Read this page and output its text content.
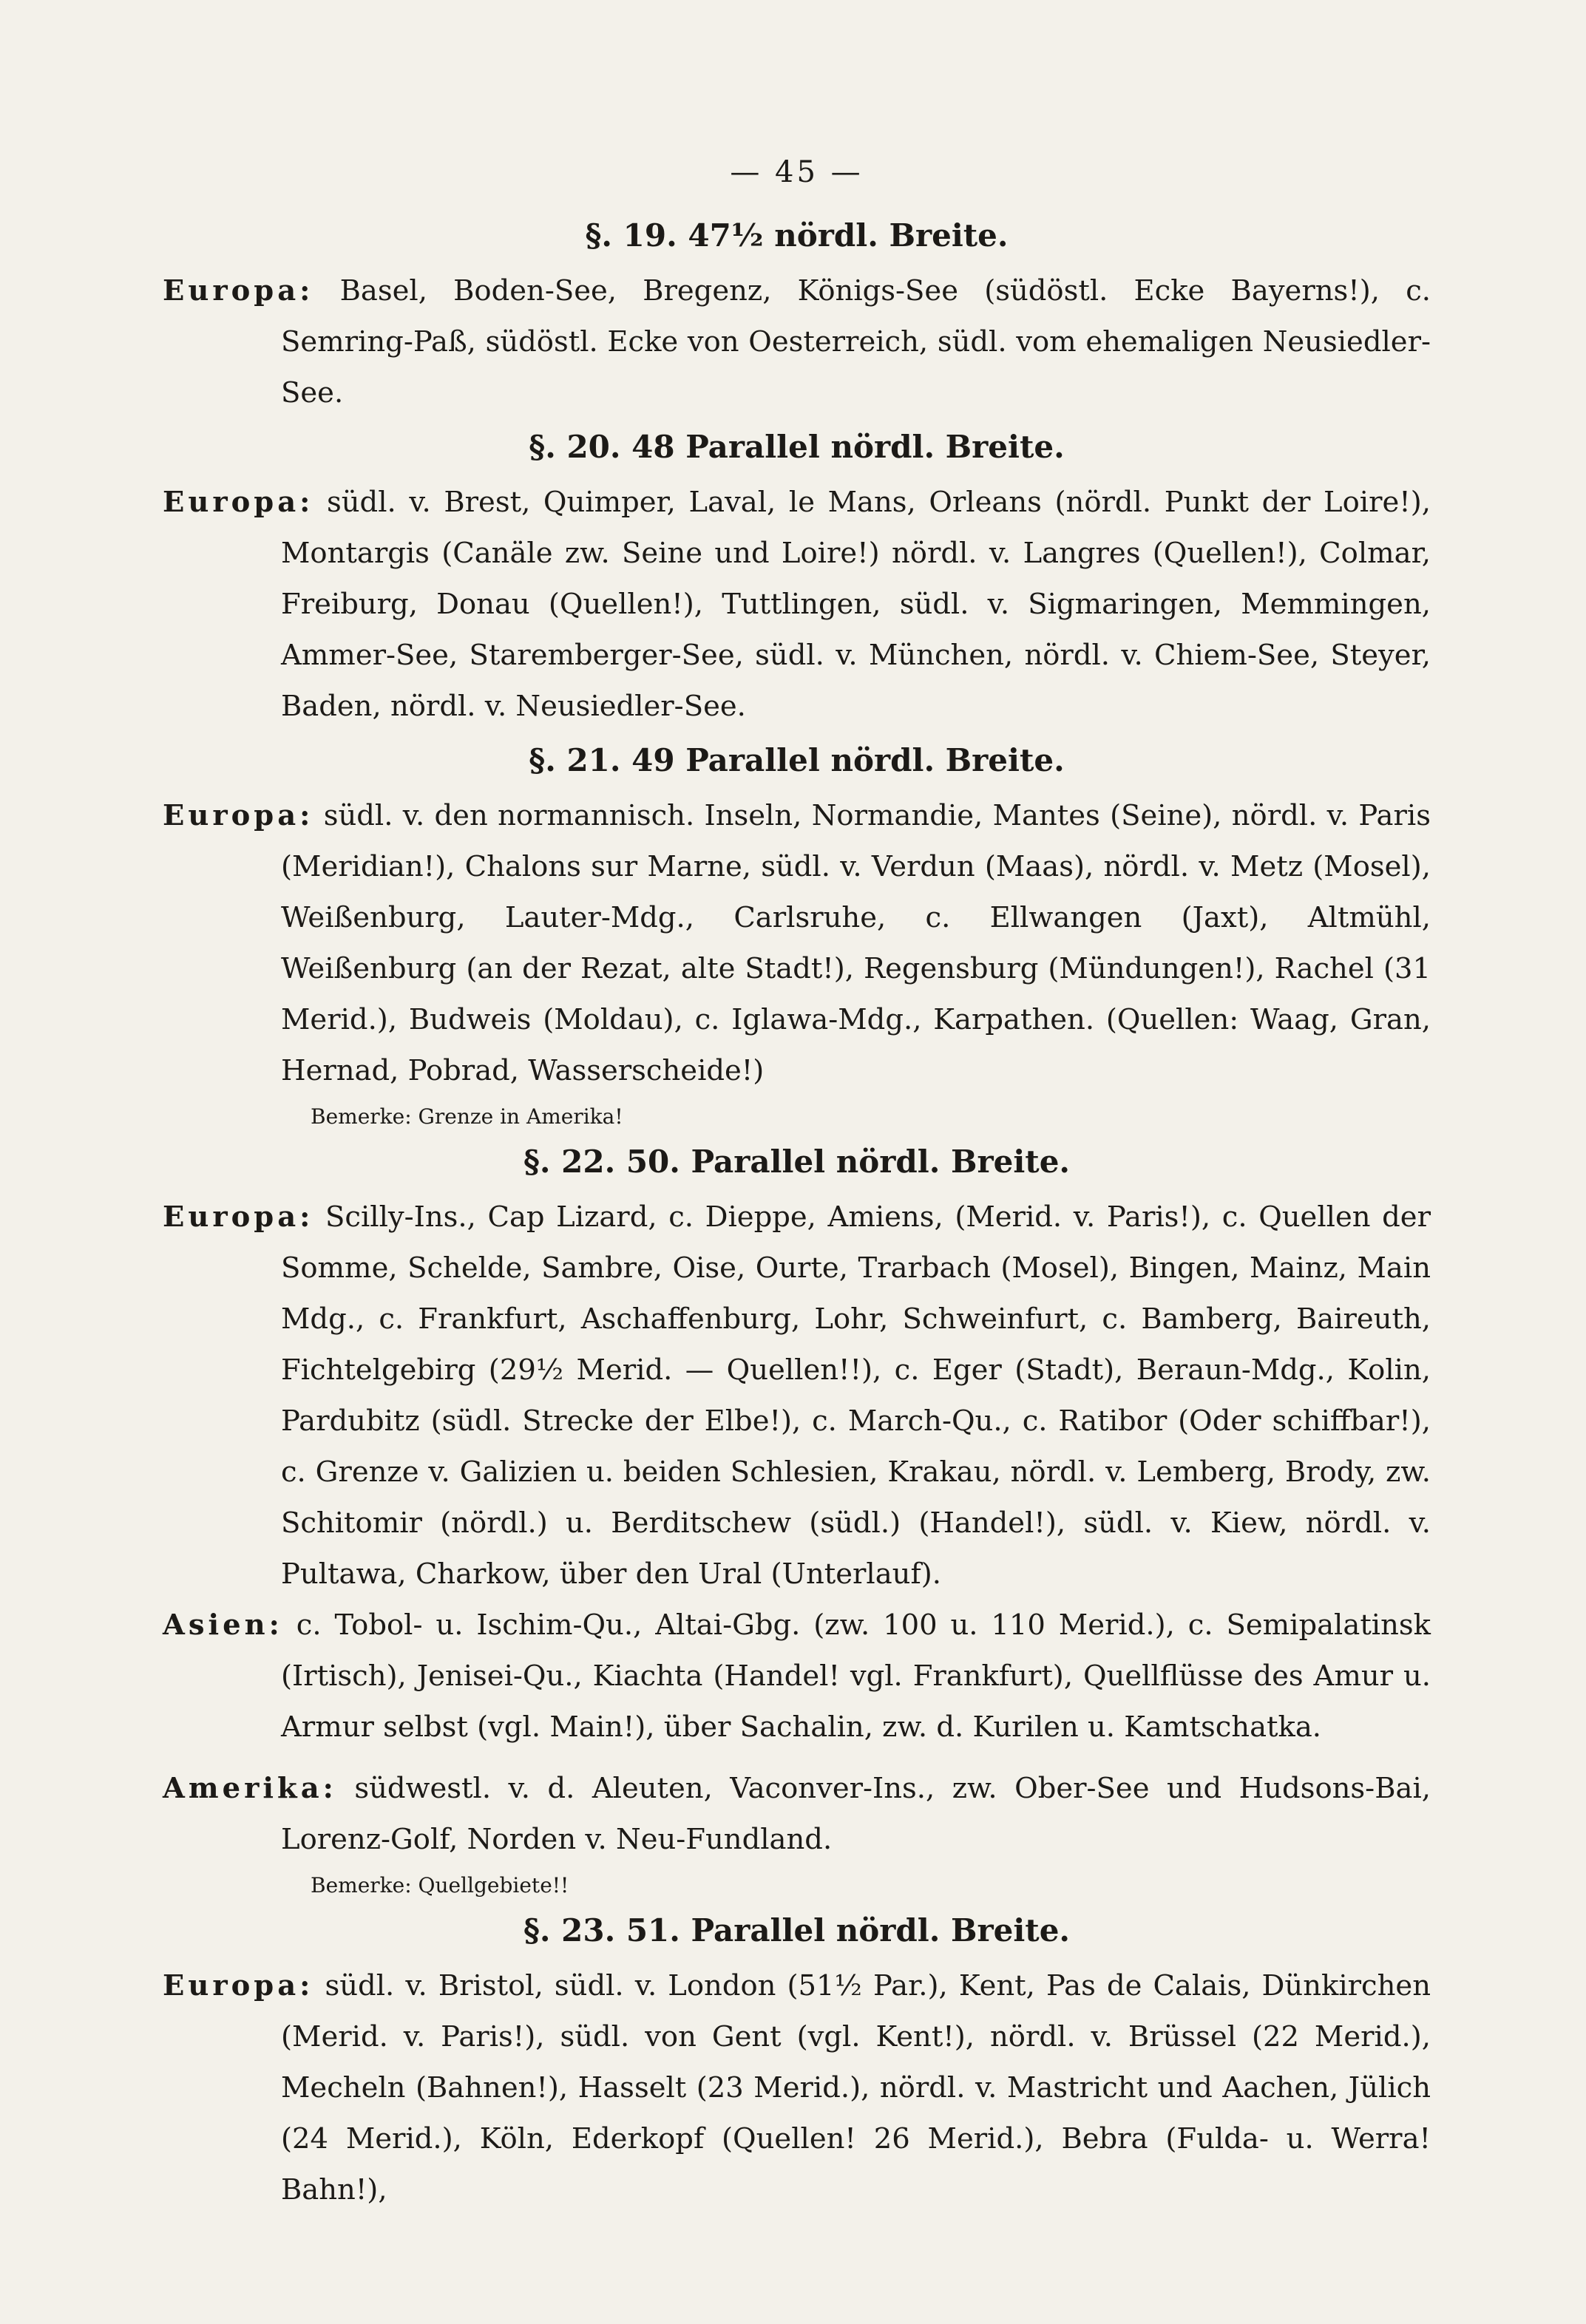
— 45 —
§. 19. 47½ nördl. Breite.

Europa: Basel, Boden-See, Bregenz, Königs-See (südöstl. Ecke Bayerns!), c. Semring-Paß, südöstl. Ecke von Oesterreich, südl. vom ehemaligen Neusiedler-See.

§. 20. 48 Parallel nördl. Breite.

Europa: südl. v. Brest, Quimper, Laval, le Mans, Orleans (nördl. Punkt der Loire!), Montargis (Canäle zw. Seine und Loire!) nördl. v. Langres (Quellen!), Colmar, Freiburg, Donau (Quellen!), Tuttlingen, südl. v. Sigmaringen, Memmingen, Ammer-See, Staremberger-See, südl. v. München, nördl. v. Chiem-See, Steyer, Baden, nördl. v. Neusiedler-See.

§. 21. 49 Parallel nördl. Breite.

Europa: südl. v. den normannisch. Inseln, Normandie, Mantes (Seine), nördl. v. Paris (Meridian!), Chalons sur Marne, südl. v. Verdun (Maas), nördl. v. Metz (Mosel), Weißenburg, Lauter-Mdg., Carlsruhe, c. Ellwangen (Jaxt), Altmühl, Weißenburg (an der Rezat, alte Stadt!), Regensburg (Mündungen!), Rachel (31 Merid.), Budweis (Moldau), c. Iglawa-Mdg., Karpathen. (Quellen: Waag, Gran, Hernad, Pobrad, Wasserscheide!)

Bemerke: Grenze in Amerika!
§. 22. 50. Parallel nördl. Breite.

Europa: Scilly-Ins., Cap Lizard, c. Dieppe, Amiens, (Merid. v. Paris!), c. Quellen der Somme, Schelde, Sambre, Oise, Ourte, Trarbach (Mosel), Bingen, Mainz, Main Mdg., c. Frankfurt, Aschaffenburg, Lohr, Schweinfurt, c. Bamberg, Baireuth, Fichtelgebirg (29½ Merid. — Quellen!!), c. Eger (Stadt), Beraun-Mdg., Kolin, Pardubitz (südl. Strecke der Elbe!), c. March-Qu., c. Ratibor (Oder schiffbar!), c. Grenze v. Galizien u. beiden Schlesien, Krakau, nördl. v. Lemberg, Brody, zw. Schitomir (nördl.) u. Berditschew (südl.) (Handel!), südl. v. Kiew, nördl. v. Pultawa, Charkow, über den Ural (Unterlauf).

Asien: c. Tobol- u. Ischim-Qu., Altai-Gbg. (zw. 100 u. 110 Merid.), c. Semipalatinsk (Irtisch), Jenisei-Qu., Kiachta (Handel! vgl. Frankfurt), Quellflüsse des Amur u. Armur selbst (vgl. Main!), über Sachalin, zw. d. Kurilen u. Kamtschatka.

Amerika: südwestl. v. d. Aleuten, Vaconver-Ins., zw. Ober-See und Hudsons-Bai, Lorenz-Golf, Norden v. Neu-Fundland.

Bemerke: Quellgebiete!!
§. 23. 51. Parallel nördl. Breite.

Europa: südl. v. Bristol, südl. v. London (51½ Par.), Kent, Pas de Calais, Dünkirchen (Merid. v. Paris!), südl. von Gent (vgl. Kent!), nördl. v. Brüssel (22 Merid.), Mecheln (Bahnen!), Hasselt (23 Merid.), nördl. v. Mastricht und Aachen, Jülich (24 Merid.), Köln, Ederkopf (Quellen! 26 Merid.), Bebra (Fulda- u. Werra! Bahn!),
